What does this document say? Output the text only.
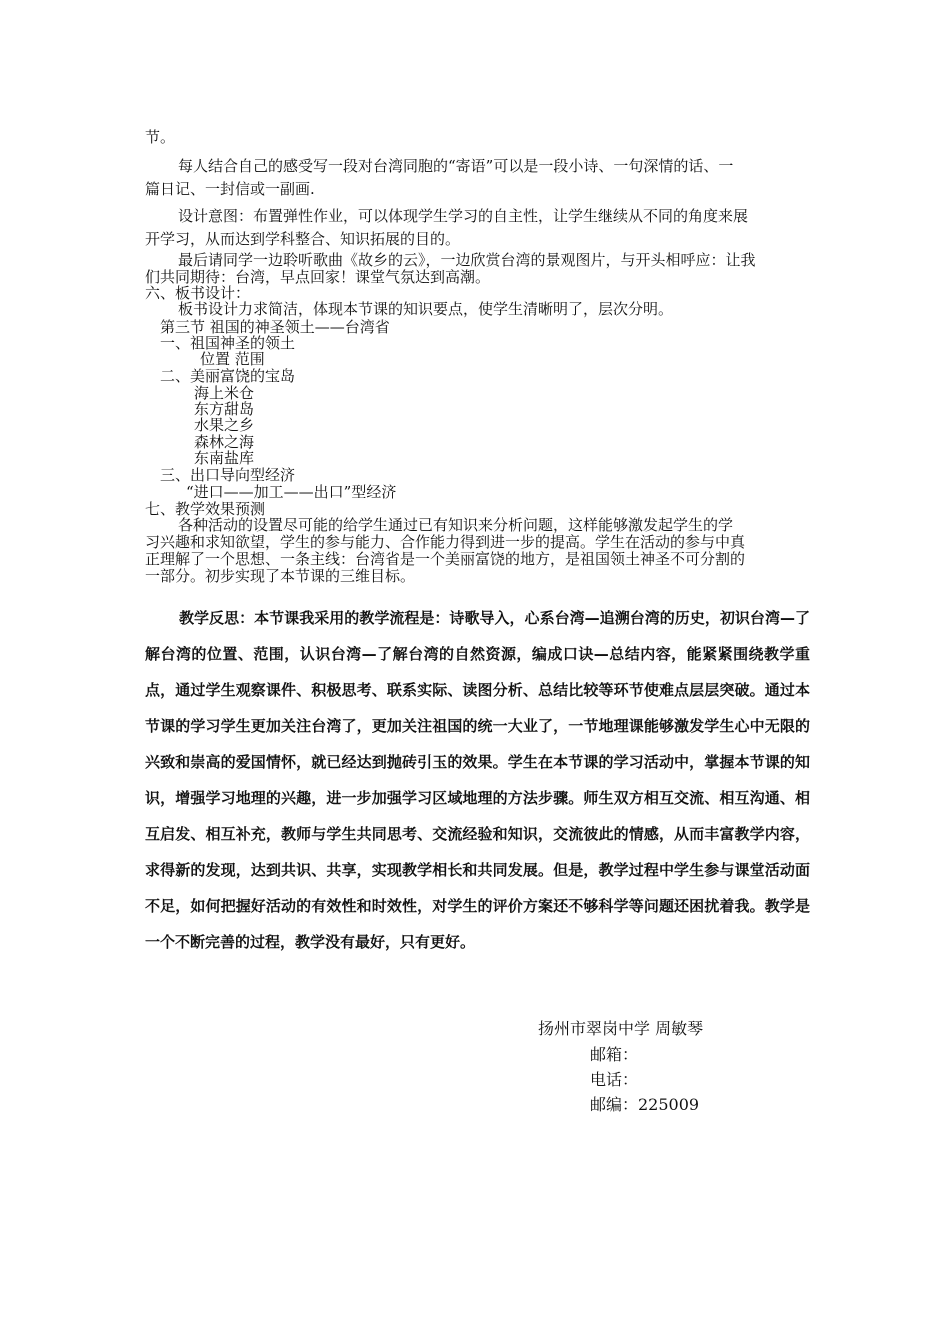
节。
每人结合自己的感受写一段对台湾同胞的“寄语”可以是一段小诗、一句深情的话、一
篇日记、一封信或一副画.
设计意图：布置弹性作业，可以体现学生学习的自主性，让学生继续从不同的角度来展
开学习，从而达到学科整合、知识拓展的目的。
最后请同学一边聆听歌曲《故乡的云》，一边欣赏台湾的景观图片，与开头相呼应：让我
们共同期待：台湾，早点回家！课堂气氛达到高潮。
六、板书设计：
板书设计力求简洁，体现本节课的知识要点，使学生清晰明了，层次分明。
第三节 祖国的神圣领土——台湾省
一、祖国神圣的领土
位置 范围
二、美丽富饶的宝岛
海上米仓
东方甜岛
水果之乡
森林之海
东南盐库
三、出口导向型经济
“进口——加工——出口”型经济
七、教学效果预测
各种活动的设置尽可能的给学生通过已有知识来分析问题，这样能够激发起学生的学
习兴趣和求知欲望，学生的参与能力、合作能力得到进一步的提高。学生在活动的参与中真
正理解了一个思想、一条主线：台湾省是一个美丽富饶的地方，是祖国领土神圣不可分割的
一部分。初步实现了本节课的三维目标。

教学反思：本节课我采用的教学流程是：诗歌导入，心系台湾—追溯台湾的历史，初识台湾—了解台湾的位置、范围，认识台湾—了解台湾的自然资源，编成口诀—总结内容，能紧紧围绕教学重点，通过学生观察课件、积极思考、联系实际、读图分析、总结比较等环节使难点层层突破。通过本节课的学习学生更加关注台湾了，更加关注祖国的统一大业了，一节地理课能够激发学生心中无限的兴致和崇高的爱国情怀，就已经达到抛砖引玉的效果。学生在本节课的学习活动中，掌握本节课的知识，增强学习地理的兴趣，进一步加强学习区域地理的方法步骤。师生双方相互交流、相互沟通、相互启发、相互补充，教师与学生共同思考、交流经验和知识，交流彼此的情感，从而丰富教学内容，求得新的发现，达到共识、共享，实现教学相长和共同发展。但是，教学过程中学生参与课堂活动面不足，如何把握好活动的有效性和时效性，对学生的评价方案还不够科学等问题还困扰着我。教学是一个不断完善的过程，教学没有最好，只有更好。

扬州市翠岗中学 周敏琴
邮箱：
电话：
邮编：225009
